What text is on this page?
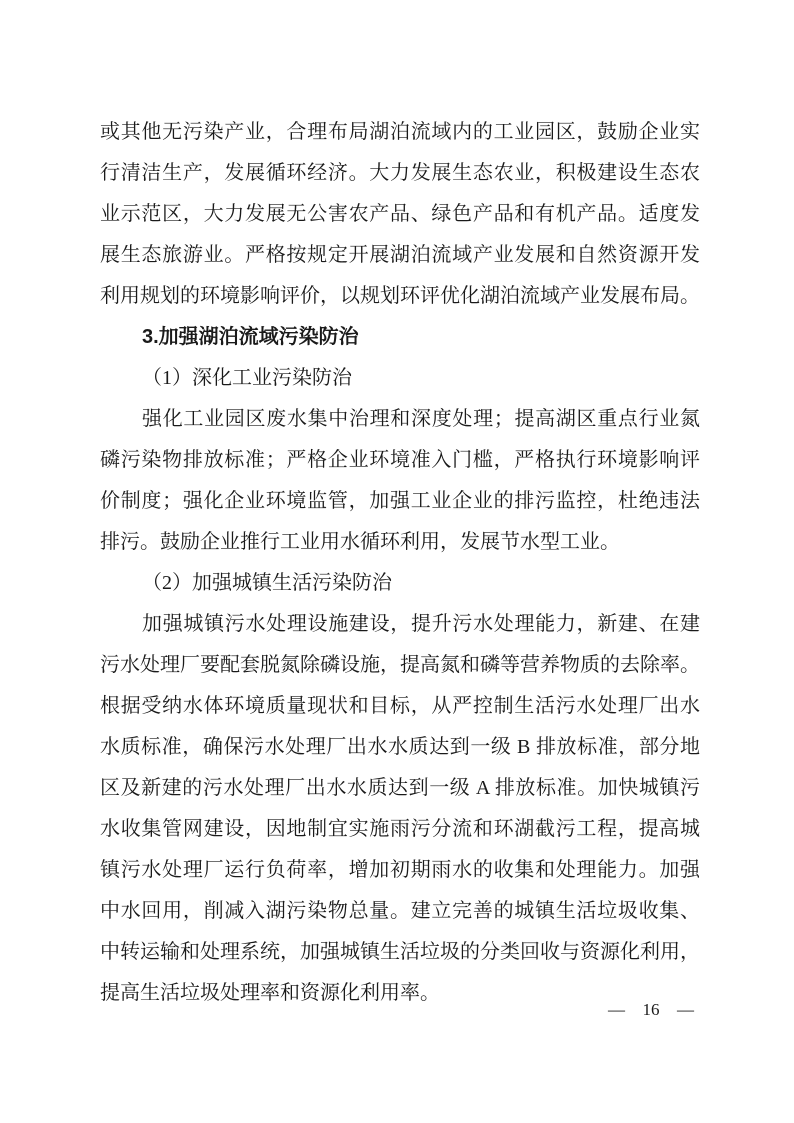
或其他无污染产业，合理布局湖泊流域内的工业园区，鼓励企业实
行清洁生产，发展循环经济。大力发展生态农业，积极建设生态农
业示范区，大力发展无公害农产品、绿色产品和有机产品。适度发
展生态旅游业。严格按规定开展湖泊流域产业发展和自然资源开发
利用规划的环境影响评价，以规划环评优化湖泊流域产业发展布局。
3.加强湖泊流域污染防治
（1）深化工业污染防治
强化工业园区废水集中治理和深度处理；提高湖区重点行业氮
磷污染物排放标准；严格企业环境准入门槛，严格执行环境影响评
价制度；强化企业环境监管，加强工业企业的排污监控，杜绝违法
排污。鼓励企业推行工业用水循环利用，发展节水型工业。
（2）加强城镇生活污染防治
加强城镇污水处理设施建设，提升污水处理能力，新建、在建
污水处理厂要配套脱氮除磷设施，提高氮和磷等营养物质的去除率。
根据受纳水体环境质量现状和目标，从严控制生活污水处理厂出水
水质标准，确保污水处理厂出水水质达到一级 B 排放标准，部分地
区及新建的污水处理厂出水水质达到一级 A 排放标准。加快城镇污
水收集管网建设，因地制宜实施雨污分流和环湖截污工程，提高城
镇污水处理厂运行负荷率，增加初期雨水的收集和处理能力。加强
中水回用，削减入湖污染物总量。建立完善的城镇生活垃圾收集、
中转运输和处理系统，加强城镇生活垃圾的分类回收与资源化利用，
提高生活垃圾处理率和资源化利用率。
— 16 —
